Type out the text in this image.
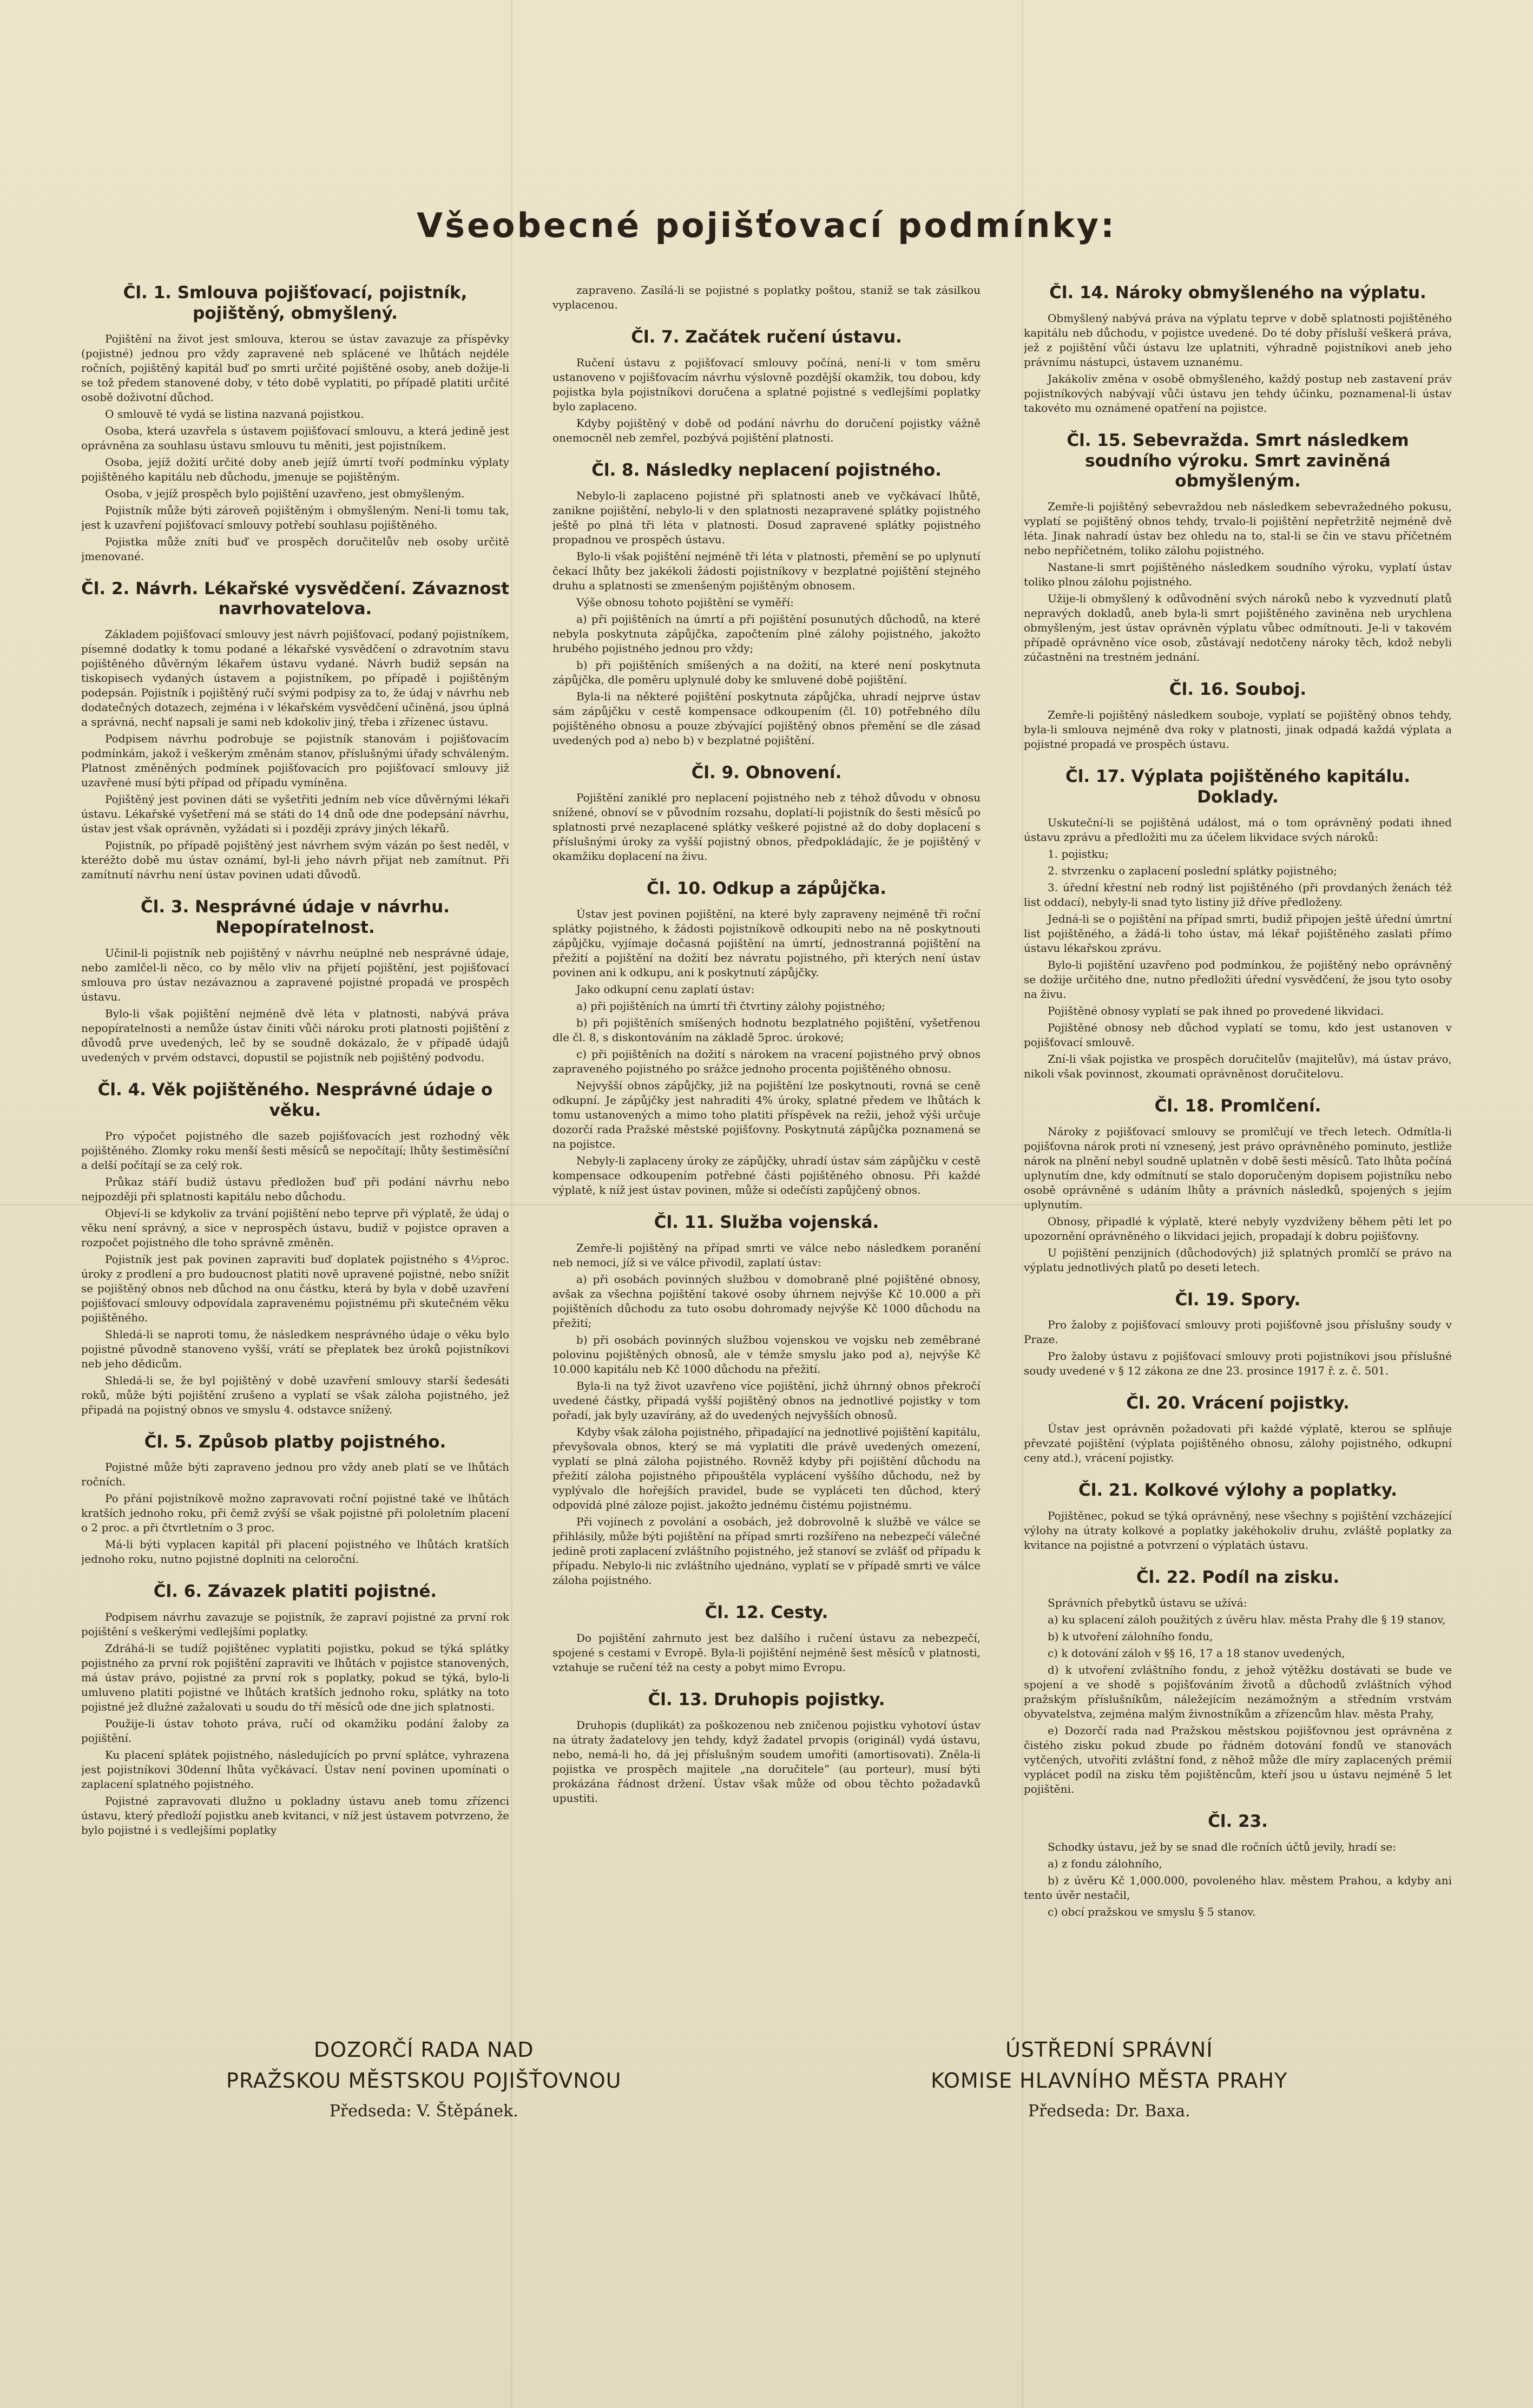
Všeobecné pojišťovací podmínky:
Čl. 1. Smlouva pojišťovací, pojistník, pojištěný, obmyšlený.

Pojištění na život jest smlouva, kterou se ústav zavazuje za příspěvky (pojistné) jednou pro vždy zapravené neb splácené ve lhůtách nejdéle ročních, pojištěný kapitál buď po smrti určité pojištěné osoby, aneb dožije-li se tož předem stanovené doby, v této době vyplatiti, po případě platiti určité osobě doživotní důchod.

O smlouvě té vydá se listina nazvaná pojistkou.

Osoba, která uzavřela s ústavem pojišťovací smlouvu, a která jedině jest oprávněna za souhlasu ústavu smlouvu tu měniti, jest pojistníkem.

Osoba, jejíž dožití určité doby aneb jejíž úmrtí tvoří podmínku výplaty pojištěného kapitálu neb důchodu, jmenuje se pojištěným.

Osoba, v jejíž prospěch bylo pojištění uzavřeno, jest obmyšleným.

Pojistník může býti zároveň pojištěným i obmyšleným. Není-li tomu tak, jest k uzavření pojišťovací smlouvy potřebí souhlasu pojištěného.

Pojistka může zníti buď ve prospěch doručitelův neb osoby určitě jmenované.

Čl. 2. Návrh. Lékařské vysvědčení. Závaznost navrhovatelova.

Základem pojišťovací smlouvy jest návrh pojišťovací, podaný pojistníkem, písemné dodatky k tomu podané a lékařské vysvědčení o zdravotním stavu pojištěného důvěrným lékařem ústavu vydané. Návrh budiž sepsán na tiskopisech vydaných ústavem a pojistníkem, po případě i pojištěným podepsán. Pojistník i pojištěný ručí svými podpisy za to, že údaj v návrhu neb dodatečných dotazech, zejména i v lékařském vysvědčení učiněná, jsou úplná a správná, nechť napsali je sami neb kdokoliv jiný, třeba i zřízenec ústavu.

Podpisem návrhu podrobuje se pojistník stanovám i pojišťovacím podmínkám, jakož i veškerým změnám stanov, příslušnými úřady schváleným. Platnost změněných podmínek pojišťovacích pro pojišťovací smlouvy již uzavřené musí býti případ od případu vymíněna.

Pojištěný jest povinen dáti se vyšetřiti jedním neb více důvěrnými lékaři ústavu. Lékařské vyšetření má se státi do 14 dnů ode dne podepsání návrhu, ústav jest však oprávněn, vyžádati si i později zprávy jiných lékařů.

Pojistník, po případě pojištěný jest návrhem svým vázán po šest neděl, v kteréžto době mu ústav oznámí, byl-li jeho návrh přijat neb zamítnut. Při zamítnutí návrhu není ústav povinen udati důvodů.

Čl. 3. Nesprávné údaje v návrhu. Nepopíratelnost.

Učinil-li pojistník neb pojištěný v návrhu neúplné neb nesprávné údaje, nebo zamlčel-li něco, co by mělo vliv na přijetí pojištění, jest pojišťovací smlouva pro ústav nezávaznou a zapravené pojistné propadá ve prospěch ústavu.

Bylo-li však pojištění nejméně dvě léta v platnosti, nabývá práva nepopíratelnosti a nemůže ústav činiti vůči nároku proti platnosti pojištění z důvodů prve uvedených, leč by se soudně dokázalo, že v případě údajů uvedených v prvém odstavci, dopustil se pojistník neb pojištěný podvodu.

Čl. 4. Věk pojištěného. Nesprávné údaje o věku.

Pro výpočet pojistného dle sazeb pojišťovacích jest rozhodný věk pojištěného. Zlomky roku menší šesti měsíců se nepočítají; lhůty šestiměsíční a delší počítají se za celý rok.

Průkaz stáří budiž ústavu předložen buď při podání návrhu nebo nejpozději při splatnosti kapitálu nebo důchodu.

Objeví-li se kdykoliv za trvání pojištění nebo teprve při výplatě, že údaj o věku není správný, a sice v neprospěch ústavu, budiž v pojistce opraven a rozpočet pojistného dle toho správně změněn.

Pojistník jest pak povinen zapraviti buď doplatek pojistného s 4½proc. úroky z prodlení a pro budoucnost platiti nově upravené pojistné, nebo snížit se pojištěný obnos neb důchod na onu částku, která by byla v době uzavření pojišťovací smlouvy odpovídala zapravenému pojistnému při skutečném věku pojištěného.

Shledá-li se naproti tomu, že následkem nesprávného údaje o věku bylo pojistné původně stanoveno vyšší, vrátí se přeplatek bez úroků pojistníkovi neb jeho dědicům.

Shledá-li se, že byl pojištěný v době uzavření smlouvy starší šedesáti roků, může býti pojištění zrušeno a vyplatí se však záloha pojistného, jež připadá na pojistný obnos ve smyslu 4. odstavce snížený.

Čl. 5. Způsob platby pojistného.

Pojistné může býti zapraveno jednou pro vždy aneb platí se ve lhůtách ročních.

Po přání pojistníkově možno zapravovati roční pojistné také ve lhůtách kratších jednoho roku, při čemž zvýší se však pojistné při pololetním placení o 2 proc. a při čtvrtletním o 3 proc.

Má-li býti vyplacen kapitál při placení pojistného ve lhůtách kratších jednoho roku, nutno pojistné doplniti na celoroční.

Čl. 6. Závazek platiti pojistné.

Podpisem návrhu zavazuje se pojistník, že zapraví pojistné za první rok pojištění s veškerými vedlejšími poplatky.

Zdráhá-li se tudíž pojištěnec vyplatiti pojistku, pokud se týká splátky pojistného za první rok pojištění zapraviti ve lhůtách v pojistce stanovených, má ústav právo, pojistné za první rok s poplatky, pokud se týká, bylo-li umluveno platiti pojistné ve lhůtách kratších jednoho roku, splátky na toto pojistné jež dlužné zažalovati u soudu do tří měsíců ode dne jich splatnosti.

Použije-li ústav tohoto práva, ručí od okamžiku podání žaloby za pojištění.

Ku placení splátek pojistného, následujících po první splátce, vyhrazena jest pojistníkovi 30denní lhůta vyčkávací. Ústav není povinen upomínati o zaplacení splatného pojistného.

Pojistné zapravovati dlužno u pokladny ústavu aneb tomu zřízenci ústavu, který předloží pojistku aneb kvitanci, v níž jest ústavem potvrzeno, že bylo pojistné i s vedlejšími poplatky

zapraveno. Zasílá-li se pojistné s poplatky poštou, staniž se tak zásilkou vyplacenou.

Čl. 7. Začátek ručení ústavu.

Ručení ústavu z pojišťovací smlouvy počíná, není-li v tom směru ustanoveno v pojišťovacím návrhu výslovně pozdější okamžik, tou dobou, kdy pojistka byla pojistníkovi doručena a splatné pojistné s vedlejšími poplatky bylo zaplaceno.

Kdyby pojištěný v době od podání návrhu do doručení pojistky vážně onemocněl neb zemřel, pozbývá pojištění platnosti.

Čl. 8. Následky neplacení pojistného.

Nebylo-li zaplaceno pojistné při splatnosti aneb ve vyčkávací lhůtě, zanikne pojištění, nebylo-li v den splatnosti nezapravené splátky pojistného ještě po plná tři léta v platnosti. Dosud zapravené splátky pojistného propadnou ve prospěch ústavu.

Bylo-li však pojištění nejméně tři léta v platnosti, přemění se po uplynutí čekací lhůty bez jakékoli žádosti pojistníkovy v bezplatné pojištění stejného druhu a splatnosti se zmenšeným pojištěným obnosem.

Výše obnosu tohoto pojištění se vyměří:

a) při pojištěních na úmrtí a při pojištění posunutých důchodů, na které nebyla poskytnuta zápůjčka, započtením plné zálohy pojistného, jakožto hrubého pojistného jednou pro vždy;

b) při pojištěních smíšených a na dožití, na které není poskytnuta zápůjčka, dle poměru uplynulé doby ke smluvené době pojištění.

Byla-li na některé pojištění poskytnuta zápůjčka, uhradí nejprve ústav sám zápůjčku v cestě kompensace odkoupením (čl. 10) potřebného dílu pojištěného obnosu a pouze zbývající pojištěný obnos přemění se dle zásad uvedených pod a) nebo b) v bezplatné pojištění.

Čl. 9. Obnovení.

Pojištění zaniklé pro neplacení pojistného neb z téhož důvodu v obnosu snížené, obnoví se v původním rozsahu, doplatí-li pojistník do šesti měsíců po splatnosti prvé nezaplacené splátky veškeré pojistné až do doby doplacení s příslušnými úroky za vyšší pojistný obnos, předpokládajíc, že je pojištěný v okamžiku doplacení na živu.

Čl. 10. Odkup a zápůjčka.

Ústav jest povinen pojištění, na které byly zapraveny nejméně tři roční splátky pojistného, k žádosti pojistníkově odkoupiti nebo na ně poskytnouti zápůjčku, vyjímaje dočasná pojištění na úmrtí, jednostranná pojištění na přežití a pojištění na dožití bez návratu pojistného, při kterých není ústav povinen ani k odkupu, ani k poskytnutí zápůjčky.

Jako odkupní cenu zaplatí ústav:

a) při pojištěních na úmrtí tři čtvrtiny zálohy pojistného;

b) při pojištěních smíšených hodnotu bezplatného pojištění, vyšetřenou dle čl. 8, s diskontováním na základě 5proc. úrokové;

c) při pojištěních na dožití s nárokem na vracení pojistného prvý obnos zapraveného pojistného po srážce jednoho procenta pojištěného obnosu.

Nejvyšší obnos zápůjčky, již na pojištění lze poskytnouti, rovná se ceně odkupní. Je zápůjčky jest nahraditi 4% úroky, splatné předem ve lhůtách k tomu ustanovených a mimo toho platiti příspěvek na režii, jehož výši určuje dozorčí rada Pražské městské pojišťovny. Poskytnutá zápůjčka poznamená se na pojistce.

Nebyly-li zaplaceny úroky ze zápůjčky, uhradí ústav sám zápůjčku v cestě kompensace odkoupením potřebné části pojištěného obnosu. Při každé výplatě, k níž jest ústav povinen, může si odečísti zapůjčený obnos.

Čl. 11. Služba vojenská.

Zemře-li pojištěný na případ smrti ve válce nebo následkem poranění neb nemoci, jíž si ve válce přivodil, zaplatí ústav:

a) při osobách povinných službou v domobraně plné pojištěné obnosy, avšak za všechna pojištění takové osoby úhrnem nejvýše Kč 10.000 a při pojištěních důchodu za tuto osobu dohromady nejvýše Kč 1000 důchodu na přežití;

b) při osobách povinných službou vojenskou ve vojsku neb zeměbrané polovinu pojištěných obnosů, ale v témže smyslu jako pod a), nejvýše Kč 10.000 kapitálu neb Kč 1000 důchodu na přežití.

Byla-li na tyž život uzavřeno více pojištění, jichž úhrnný obnos překročí uvedené částky, připadá vyšší pojištěný obnos na jednotlivé pojistky v tom pořadí, jak byly uzavírány, až do uvedených nejvyšších obnosů.

Kdyby však záloha pojistného, připadající na jednotlivé pojištění kapitálu, převyšovala obnos, který se má vyplatiti dle právě uvedených omezení, vyplatí se plná záloha pojistného. Rovněž kdyby při pojištění důchodu na přežití záloha pojistného připouštěla vyplácení vyššího důchodu, než by vyplývalo dle hořejších pravidel, bude se vypláceti ten důchod, který odpovídá plné záloze pojist. jakožto jednému čistému pojistnému.

Při vojínech z povolání a osobách, jež dobrovolně k službě ve válce se přihlásily, může býti pojištění na případ smrti rozšířeno na nebezpečí válečné jedině proti zaplacení zvláštního pojistného, jež stanoví se zvlášť od případu k případu. Nebylo-li nic zvláštního ujednáno, vyplatí se v případě smrti ve válce záloha pojistného.

Čl. 12. Cesty.

Do pojištění zahrnuto jest bez dalšího i ručení ústavu za nebezpečí, spojené s cestami v Evropě. Byla-li pojištění nejméně šest měsíců v platnosti, vztahuje se ručení též na cesty a pobyt mimo Evropu.

Čl. 13. Druhopis pojistky.

Druhopis (duplikát) za poškozenou neb zničenou pojistku vyhotoví ústav na útraty žadatelovy jen tehdy, když žadatel prvopis (originál) vydá ústavu, nebo, nemá-li ho, dá jej příslušným soudem umořiti (amortisovati). Zněla-li pojistka ve prospěch majitele „na doručitele“ (au porteur), musí býti prokázána řádnost držení. Ústav však může od obou těchto požadavků upustiti.

Čl. 14. Nároky obmyšleného na výplatu.

Obmyšlený nabývá práva na výplatu teprve v době splatnosti pojištěného kapitálu neb důchodu, v pojistce uvedené. Do té doby přísluší veškerá práva, jež z pojištění vůči ústavu lze uplatniti, výhradně pojistníkovi aneb jeho právnímu nástupci, ústavem uznanému.

Jakákoliv změna v osobě obmyšleného, každý postup neb zastavení práv pojistníkových nabývají vůči ústavu jen tehdy účinku, poznamenal-li ústav takovéto mu oznámené opatření na pojistce.

Čl. 15. Sebevražda. Smrt následkem soudního výroku. Smrt zaviněná obmyšleným.

Zemře-li pojištěný sebevraždou neb následkem sebevražedného pokusu, vyplatí se pojištěný obnos tehdy, trvalo-li pojištění nepřetržitě nejméně dvě léta. Jinak nahradí ústav bez ohledu na to, stal-li se čin ve stavu příčetném nebo nepříčetném, toliko zálohu pojistného.

Nastane-li smrt pojištěného následkem soudního výroku, vyplatí ústav toliko plnou zálohu pojistného.

Užije-li obmyšlený k odůvodnění svých nároků nebo k vyzvednutí platů nepravých dokladů, aneb byla-li smrt pojištěného zaviněna neb urychlena obmyšleným, jest ústav oprávněn výplatu vůbec odmítnouti. Je-li v takovém případě oprávněno více osob, zůstávají nedotčeny nároky těch, kdož nebyli zúčastněni na trestném jednání.

Čl. 16. Souboj.

Zemře-li pojištěný následkem souboje, vyplatí se pojištěný obnos tehdy, byla-li smlouva nejméně dva roky v platnosti, jinak odpadá každá výplata a pojistné propadá ve prospěch ústavu.

Čl. 17. Výplata pojištěného kapitálu. Doklady.

Uskuteční-li se pojištěná událost, má o tom oprávněný podati ihned ústavu zprávu a předložiti mu za účelem likvidace svých nároků:

1. pojistku;

2. stvrzenku o zaplacení poslední splátky pojistného;

3. úřední křestní neb rodný list pojištěného (při provdaných ženách též list oddací), nebyly-li snad tyto listiny již dříve předloženy.

Jedná-li se o pojištění na případ smrti, budiž připojen ještě úřední úmrtní list pojištěného, a žádá-li toho ústav, má lékař pojištěného zaslati přímo ústavu lékařskou zprávu.

Bylo-li pojištění uzavřeno pod podmínkou, že pojištěný nebo oprávněný se dožije určitého dne, nutno předložiti úřední vysvědčení, že jsou tyto osoby na živu.

Pojištěné obnosy vyplatí se pak ihned po provedené likvidaci.

Pojištěné obnosy neb důchod vyplatí se tomu, kdo jest ustanoven v pojišťovací smlouvě.

Zní-li však pojistka ve prospěch doručitelův (majitelův), má ústav právo, nikoli však povinnost, zkoumati oprávněnost doručitelovu.

Čl. 18. Promlčení.

Nároky z pojišťovací smlouvy se promlčují ve třech letech. Odmítla-li pojišťovna nárok proti ní vznesený, jest právo oprávněného pominuto, jestliže nárok na plnění nebyl soudně uplatněn v době šesti měsíců. Tato lhůta počíná uplynutím dne, kdy odmítnutí se stalo doporučeným dopisem pojistníku nebo osobě oprávněné s udáním lhůty a právních následků, spojených s jejím uplynutím.

Obnosy, připadlé k výplatě, které nebyly vyzdviženy během pěti let po upozornění oprávněného o likvidaci jejich, propadají k dobru pojišťovny.

U pojištění penzijních (důchodových) již splatných promlčí se právo na výplatu jednotlivých platů po deseti letech.

Čl. 19. Spory.

Pro žaloby z pojišťovací smlouvy proti pojišťovně jsou příslušny soudy v Praze.

Pro žaloby ústavu z pojišťovací smlouvy proti pojistníkovi jsou příslušné soudy uvedené v § 12 zákona ze dne 23. prosince 1917 ř. z. č. 501.

Čl. 20. Vrácení pojistky.

Ústav jest oprávněn požadovati při každé výplatě, kterou se splňuje převzaté pojištění (výplata pojištěného obnosu, zálohy pojistného, odkupní ceny atd.), vrácení pojistky.

Čl. 21. Kolkové výlohy a poplatky.

Pojištěnec, pokud se týká oprávněný, nese všechny s pojištění vzcházející výlohy na útraty kolkové a poplatky jakéhokoliv druhu, zvláště poplatky za kvitance na pojistné a potvrzení o výplatách ústavu.

Čl. 22. Podíl na zisku.

Správních přebytků ústavu se užívá:

a) ku splacení záloh použitých z úvěru hlav. města Prahy dle § 19 stanov,

b) k utvoření zálohního fondu,

c) k dotování záloh v §§ 16, 17 a 18 stanov uvedených,

d) k utvoření zvláštního fondu, z jehož výtěžku dostávati se bude ve spojení a ve shodě s pojišťováním životů a důchodů zvláštních výhod pražským příslušníkům, náležejícím nezámožným a středním vrstvám obyvatelstva, zejména malým živnostníkům a zřízencům hlav. města Prahy,

e) Dozorčí rada nad Pražskou městskou pojišťovnou jest oprávněna z čistého zisku pokud zbude po řádném dotování fondů ve stanovách vytčených, utvořiti zvláštní fond, z něhož může dle míry zaplacených prémií vyplácet podíl na zisku těm pojištěncům, kteří jsou u ústavu nejméně 5 let pojištěni.

Čl. 23.

Schodky ústavu, jež by se snad dle ročních účtů jevily, hradí se:

a) z fondu zálohního,

b) z úvěru Kč 1,000.000, povoleného hlav. městem Prahou, a kdyby ani tento úvěr nestačil,

c) obcí pražskou ve smyslu § 5 stanov.

DOZORČÍ RADA NAD
PRAŽSKOU MĚSTSKOU POJIŠŤOVNOU
Předseda: V. Štěpánek.
ÚSTŘEDNÍ SPRÁVNÍ
KOMISE HLAVNÍHO MĚSTA PRAHY
Předseda: Dr. Baxa.
